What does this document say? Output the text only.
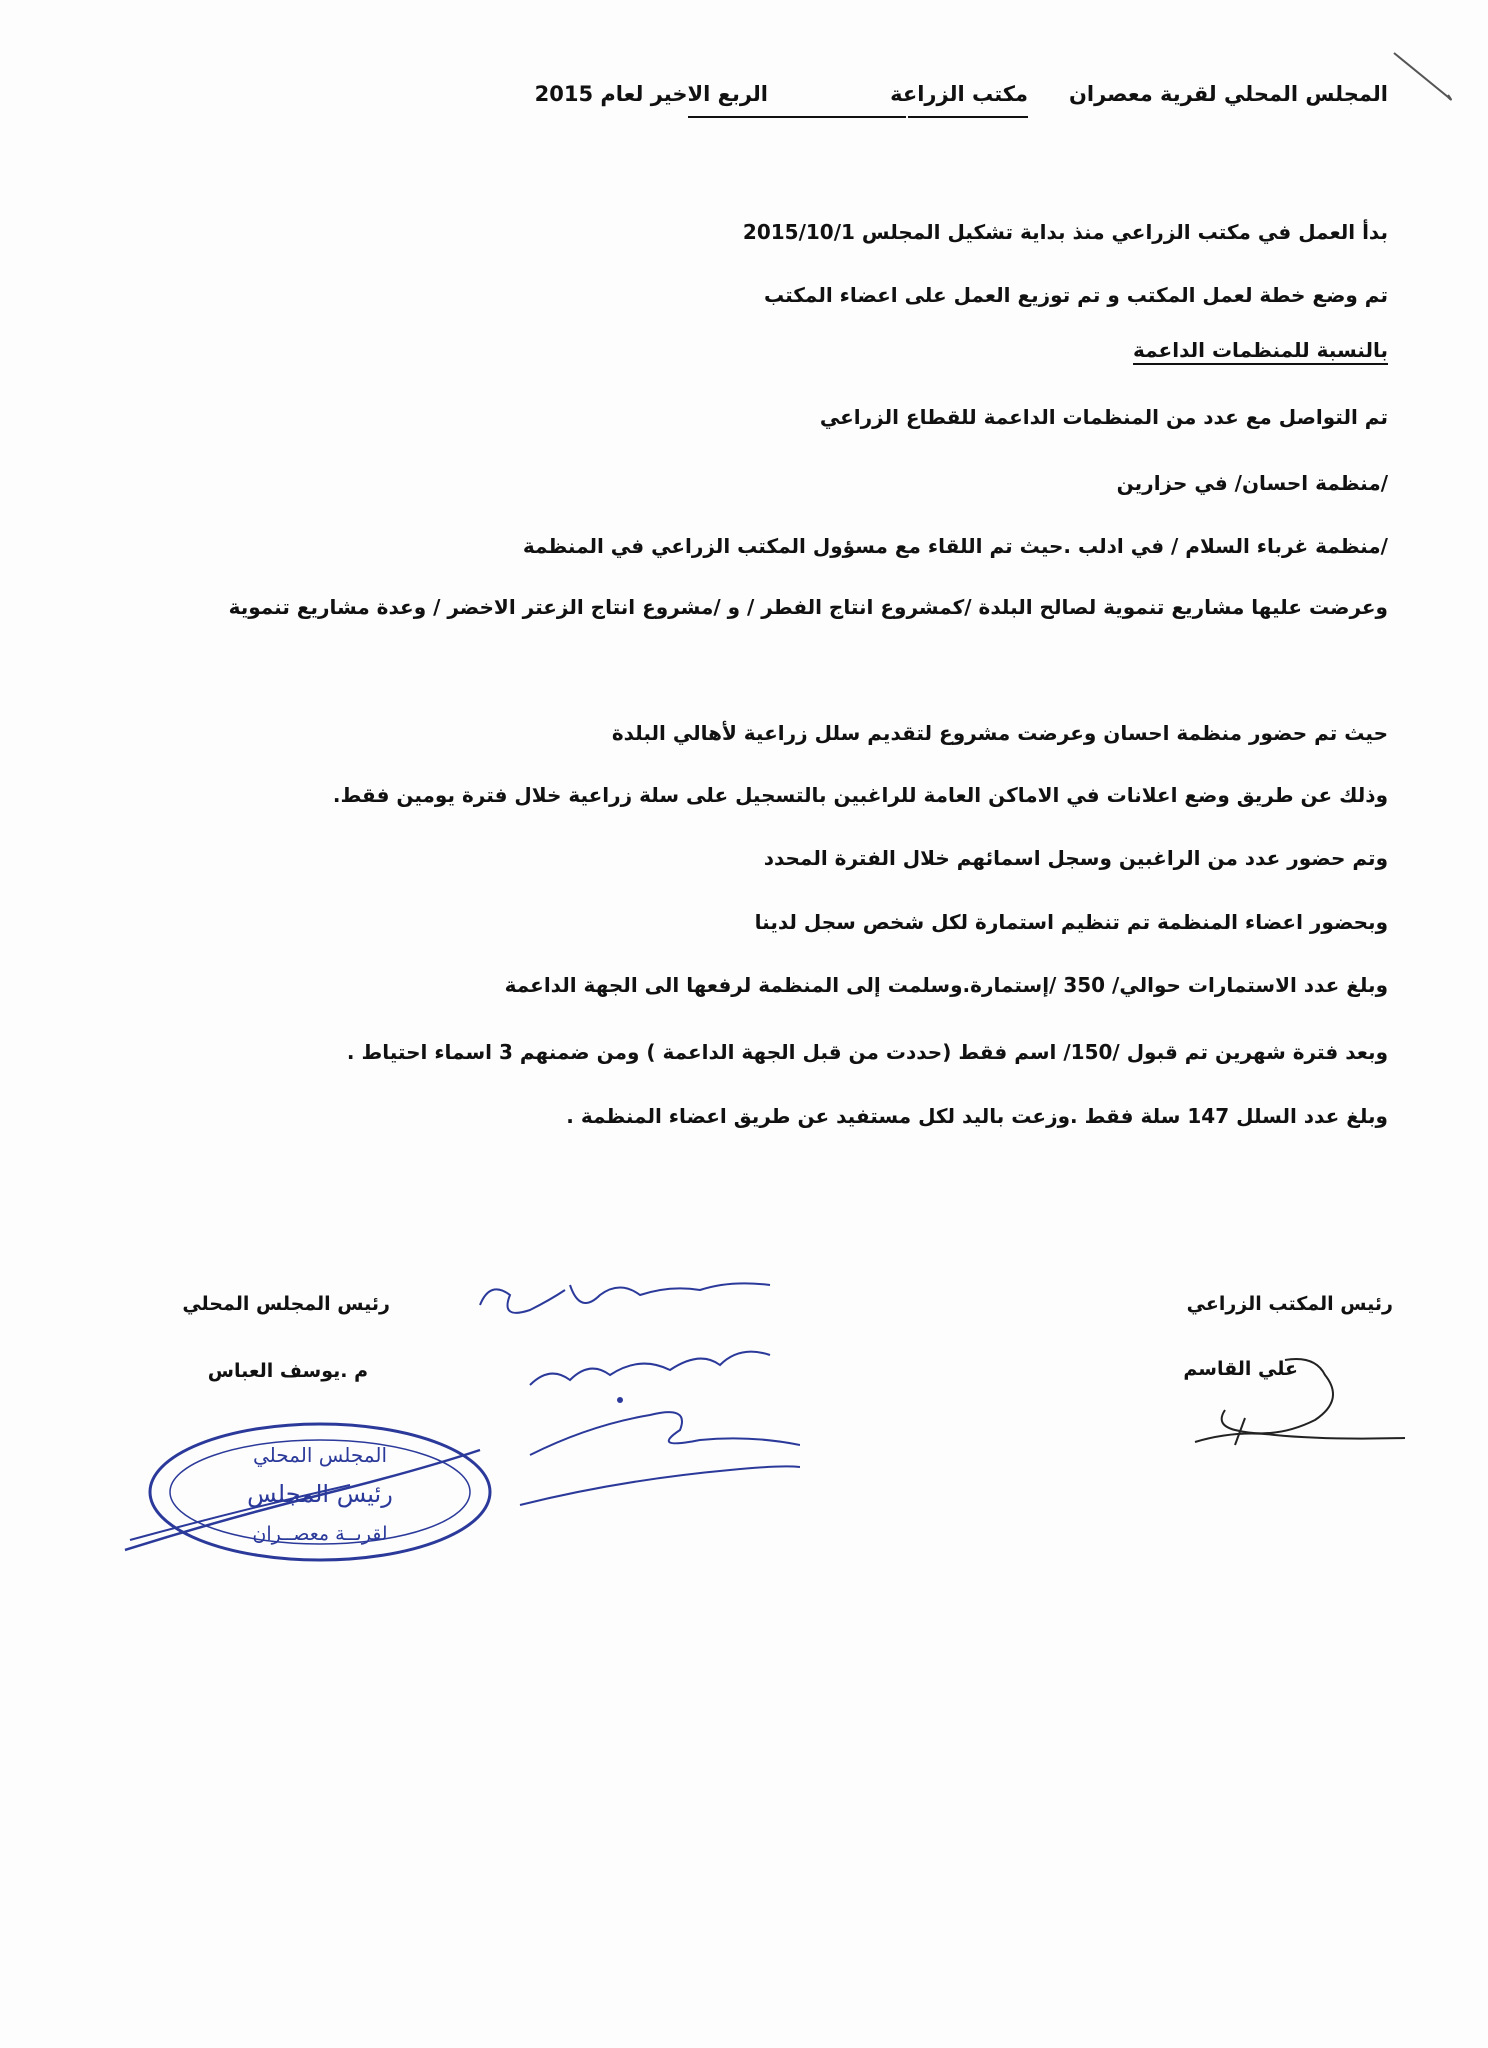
المجلس المحلي لقرية معصران
مكتب الزراعة
الربع الاخير لعام 2015
بدأ العمل في مكتب الزراعي منذ بداية تشكيل المجلس 2015/10/1
تم وضع خطة لعمل المكتب و تم توزيع العمل على اعضاء المكتب
بالنسبة للمنظمات الداعمة
تم التواصل مع عدد من المنظمات الداعمة للقطاع الزراعي
/منظمة احسان/ في حزارين
/منظمة غرباء السلام / في ادلب .حيث تم اللقاء مع مسؤول المكتب الزراعي في المنظمة
وعرضت عليها مشاريع تنموية لصالح البلدة /كمشروع انتاج الفطر / و /مشروع انتاج الزعتر الاخضر / وعدة مشاريع تنموية
حيث تم حضور منظمة احسان وعرضت مشروع لتقديم سلل زراعية لأهالي البلدة
وذلك عن طريق وضع اعلانات في الاماكن العامة للراغبين بالتسجيل على سلة زراعية خلال فترة يومين فقط.
وتم حضور عدد من الراغبين وسجل اسمائهم خلال الفترة المحدد
وبحضور اعضاء المنظمة تم تنظيم استمارة لكل شخص سجل لدينا
وبلغ عدد الاستمارات حوالي/ 350 /إستمارة.وسلمت إلى المنظمة لرفعها الى الجهة الداعمة
وبعد فترة شهرين تم قبول /150/ اسم فقط (حددت من قبل الجهة الداعمة ) ومن ضمنهم 3 اسماء احتياط .
وبلغ عدد السلل 147 سلة فقط .وزعت باليد لكل مستفيد عن طريق اعضاء المنظمة .
رئيس المكتب الزراعي
علي القاسم
رئيس المجلس المحلي
م .يوسف العباس
المجلس المحلي
رئيس المجلس
لقريــة معصــران
